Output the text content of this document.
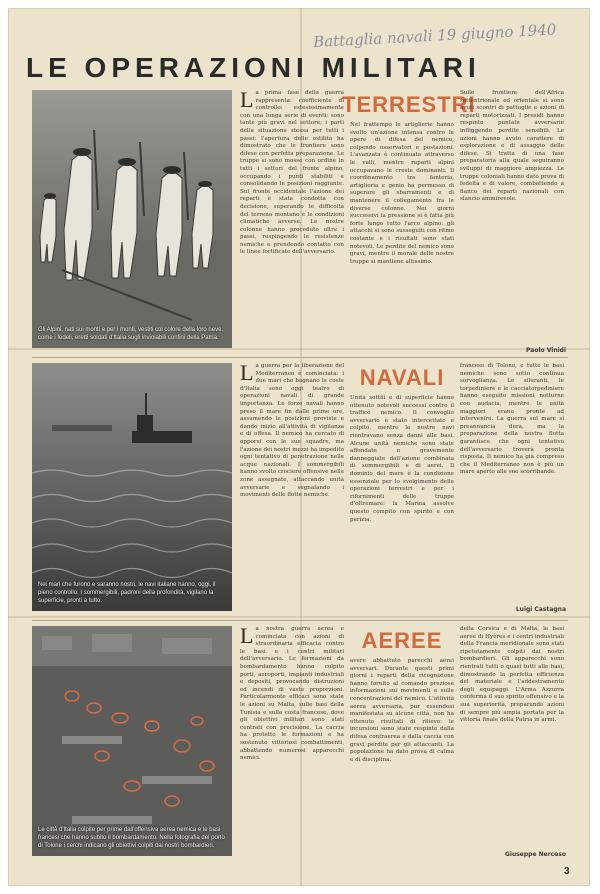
Battaglia navali 19 giugno 1940
LE OPERAZIONI MILITARI

Gli Alpini, nati sui monti e per i monti, vestiti col colore della loro neve, come i fedeli, eretti soldati d'Italia sugli inviolabili confini della Patria.

TERRESTRI
L a prima fase della guerra rappresenta: coefficiente di controllo; estesissimamente con una lunga serie di eventi: sono tante più gravi nel settore; i parti della situazione stessa per tutti i passi: l'apertura delle ostilità ha dimostrato che le frontiere sono difese con perfetta preparazione. Le truppe si sono mosse con ordine in tutti i settori del fronte alpino, occupando i punti stabiliti e consolidando le posizioni raggiunte. Sul fronte occidentale l'azione dei reparti è stata condotta con decisione, superando le difficoltà del terreno montano e le condizioni climatiche avverse. Le nostre colonne hanno proceduto oltre i passi, respingendo le resistenze nemiche e prendendo contatto con le linee fortificate dell'avversario.

Nel frattempo le artiglierie hanno svolto un'azione intensa contro le opere di difesa del nemico, colpendo osservatori e postazioni. L'avanzata è continuata attraverso le valli, mentre reparti alpini occupavano le creste dominanti. Il coordinamento tra fanteria, artiglieria e genio ha permesso di superare gli sbarramenti e di mantenere il collegamento fra le diverse colonne. Nei giorni successivi la pressione si è fatta più forte lungo tutto l'arco alpino: gli attacchi si sono susseguiti con ritmo costante e i risultati sono stati notevoli. Le perdite del nemico sono gravi, mentre il morale delle nostre truppe si mantiene altissimo.

Sulle frontiere dell'Africa settentrionale ed orientale si sono avuti scontri di pattuglie e azioni di reparti motorizzati. I presidi hanno respinto puntate avversarie infliggendo perdite sensibili. Le azioni hanno avuto carattere di esplorazione e di assaggio delle difese. Si tratta di una fase preparatoria alla quale seguiranno sviluppi di maggiore ampiezza. Le truppe coloniali hanno dato prova di fedeltà e di valore, combattendo a fianco dei reparti nazionali con slancio ammirevole.

Paolo Vinidi

Nei mari che furono e saranno nostri, le navi italiane hanno, oggi, il pieno controllo. I sommergibili, padroni della profondità, vigilano la superficie, pronti a tutto.

NAVALI
L a guerra per la liberazione del Mediterraneo è cominciata: i due mari che bagnano le coste d'Italia sono oggi teatro di operazioni navali di grande importanza. Le forze navali hanno preso il mare fin dalle prime ore, assumendo le posizioni previste e dando inizio all'attività di vigilanza e di offesa. Il nemico ha cercato di opporsi con le sue squadre, ma l'azione dei nostri mezzi ha impedito ogni tentativo di penetrazione nelle acque nazionali. I sommergibili hanno svolto crociere offensive nelle zone assegnate, attaccando unità avversarie e segnalando i movimenti delle flotte nemiche.

Unità sottili e di superficie hanno ottenuto notevoli successi contro il traffico nemico. Il convoglio avversario è stato intercettato e colpito, mentre le nostre navi rientravano senza danni alle basi. Alcune unità nemiche sono state affondate o gravemente danneggiate dall'azione combinata di sommergibili e di aerei. Il dominio del mare è la condizione essenziale per lo svolgimento delle operazioni terrestri e per i rifornimenti delle truppe d'oltremare: la Marina assolve questo compito con spirito e con perizia.

francese di Tolone, e tutte le basi nemiche sono sotto continua sorveglianza. Le siluranti, le torpediniere e le cacciatorpediniere hanno eseguito missioni notturne con audacia, mentre le unità maggiori erano pronte ad intervenire. La guerra sul mare si preannuncia dura, ma la preparazione della nostra flotta garantisce che ogni tentativo dell'avversario troverà pronta risposta. Il nemico ha già compreso che il Mediterraneo non è più un mare aperto alle sue scorribande.

Luigi Castagna

Le città d'Italia colpite per prime dall'offensiva aerea nemica e le basi francesi che hanno subito il bombardamento. Nella fotografia del porto di Tolone i cerchi indicano gli obiettivi colpiti dai nostri bombardieri.

AEREE
L a nostra guerra aerea è cominciata con azioni di straordinaria efficacia contro le basi e i centri militari dell'avversario. Le formazioni da bombardamento hanno colpito porti, aeroporti, impianti industriali e depositi, provocando distruzioni ed incendi di vaste proporzioni. Particolarmente efficaci sono state le azioni su Malta, sulle basi della Tunisia e sulla costa francese, dove gli obiettivi militari sono stati centrati con precisione. La caccia ha protetto le formazioni e ha sostenuto vittoriosi combattimenti, abbattendo numerosi apparecchi nemici.

avere abbattuto parecchi aerei avversari. Durante questi primi giorni i reparti della ricognizione hanno fornito al comando preziose informazioni sui movimenti e sulle concentrazioni del nemico. L'attività aerea avversaria, pur essendosi manifestata su alcune città, non ha ottenuto risultati di rilievo: le incursioni sono state respinte dalla difesa contraerea e dalla caccia con gravi perdite per gli attaccanti. La popolazione ha dato prova di calma e di disciplina.

della Corsica e di Malta, le basi aeree di Hyères e i centri industriali della Francia meridionale sono stati ripetutamente colpiti dai nostri bombardieri. Gli apparecchi sono rientrati tutti o quasi tutti alle basi, dimostrando la perfetta efficienza del materiale e l'addestramento degli equipaggi. L'Arma Azzurra conferma il suo spirito offensivo e la sua superiorità, preparando azioni di sempre più ampia portata per la vittoria finale della Patria in armi.

Giuseppe Nerceso
3
